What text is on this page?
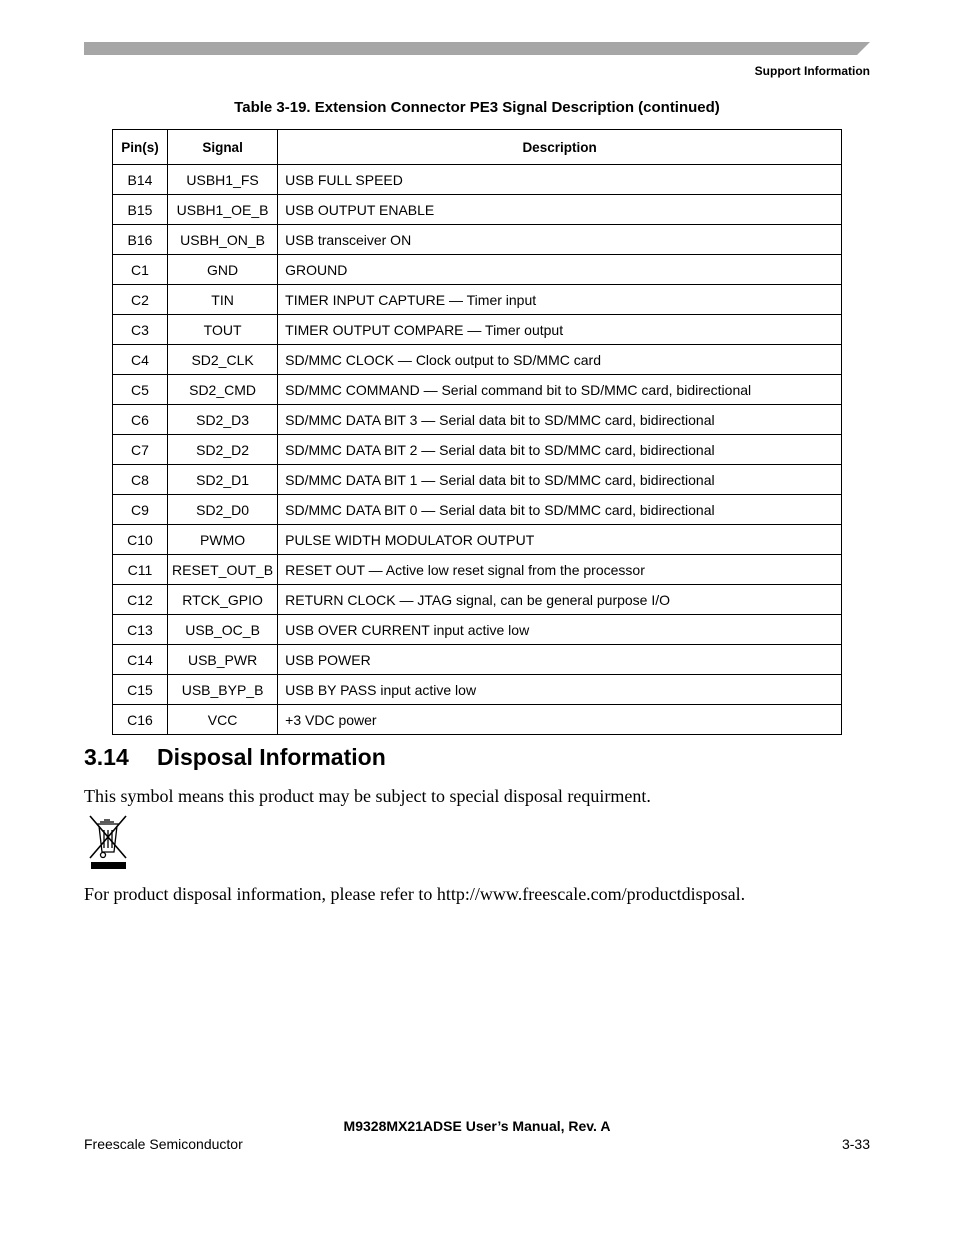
Support Information
Table 3-19. Extension Connector PE3 Signal Description (continued)
Pin(s)	Signal	Description
B14	USBH1_FS	USB FULL SPEED
B15	USBH1_OE_B	USB OUTPUT ENABLE
B16	USBH_ON_B	USB transceiver ON
C1	GND	GROUND
C2	TIN	TIMER INPUT CAPTURE — Timer input
C3	TOUT	TIMER OUTPUT COMPARE — Timer output
C4	SD2_CLK	SD/MMC CLOCK — Clock output to SD/MMC card
C5	SD2_CMD	SD/MMC COMMAND — Serial command bit to SD/MMC card, bidirectional
C6	SD2_D3	SD/MMC DATA BIT 3 — Serial data bit to SD/MMC card, bidirectional
C7	SD2_D2	SD/MMC DATA BIT 2 — Serial data bit to SD/MMC card, bidirectional
C8	SD2_D1	SD/MMC DATA BIT 1 — Serial data bit to SD/MMC card, bidirectional
C9	SD2_D0	SD/MMC DATA BIT 0 — Serial data bit to SD/MMC card, bidirectional
C10	PWMO	PULSE WIDTH MODULATOR OUTPUT
C11	RESET_OUT_B	RESET OUT — Active low reset signal from the processor
C12	RTCK_GPIO	RETURN CLOCK — JTAG signal, can be general purpose I/O
C13	USB_OC_B	USB OVER CURRENT input active low
C14	USB_PWR	USB POWER
C15	USB_BYP_B	USB BY PASS input active low
C16	VCC	+3 VDC power
3.14 Disposal Information
This symbol means this product may be subject to special disposal requirment.
For product disposal information, please refer to http://www.freescale.com/productdisposal.
M9328MX21ADSE User’s Manual, Rev. A
Freescale Semiconductor	3-33
